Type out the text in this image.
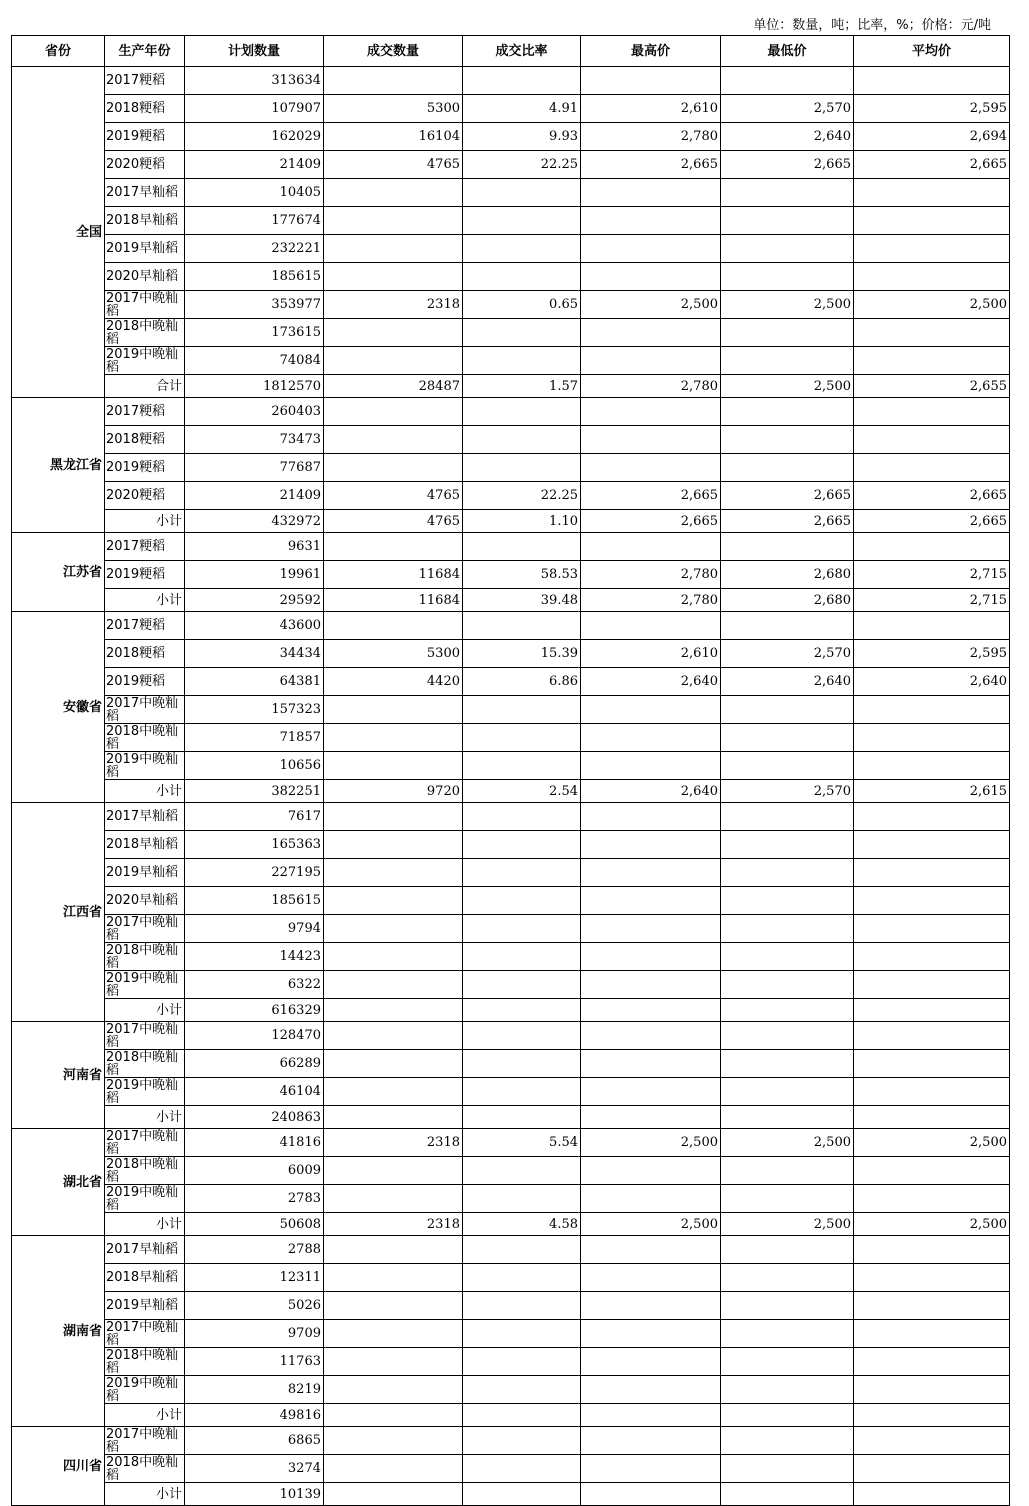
单位：数量，吨；比率，%；价格：元/吨
省份	生产年份	计划数量	成交数量	成交比率	最高价	最低价	平均价
全国	2017粳稻	313634					
	2018粳稻	107907	5300	4.91	2,610	2,570	2,595
	2019粳稻	162029	16104	9.93	2,780	2,640	2,694
	2020粳稻	21409	4765	22.25	2,665	2,665	2,665
	2017早籼稻	10405					
	2018早籼稻	177674					
	2019早籼稻	232221					
	2020早籼稻	185615					
	2017中晚籼稻	353977	2318	0.65	2,500	2,500	2,500
	2018中晚籼稻	173615					
	2019中晚籼稻	74084					
	合计	1812570	28487	1.57	2,780	2,500	2,655
黑龙江省	2017粳稻	260403					
	2018粳稻	73473					
	2019粳稻	77687					
	2020粳稻	21409	4765	22.25	2,665	2,665	2,665
	小计	432972	4765	1.10	2,665	2,665	2,665
江苏省	2017粳稻	9631					
	2019粳稻	19961	11684	58.53	2,780	2,680	2,715
	小计	29592	11684	39.48	2,780	2,680	2,715
安徽省	2017粳稻	43600					
	2018粳稻	34434	5300	15.39	2,610	2,570	2,595
	2019粳稻	64381	4420	6.86	2,640	2,640	2,640
	2017中晚籼稻	157323					
	2018中晚籼稻	71857					
	2019中晚籼稻	10656					
	小计	382251	9720	2.54	2,640	2,570	2,615
江西省	2017早籼稻	7617					
	2018早籼稻	165363					
	2019早籼稻	227195					
	2020早籼稻	185615					
	2017中晚籼稻	9794					
	2018中晚籼稻	14423					
	2019中晚籼稻	6322					
	小计	616329					
河南省	2017中晚籼稻	128470					
	2018中晚籼稻	66289					
	2019中晚籼稻	46104					
	小计	240863					
湖北省	2017中晚籼稻	41816	2318	5.54	2,500	2,500	2,500
	2018中晚籼稻	6009					
	2019中晚籼稻	2783					
	小计	50608	2318	4.58	2,500	2,500	2,500
湖南省	2017早籼稻	2788					
	2018早籼稻	12311					
	2019早籼稻	5026					
	2017中晚籼稻	9709					
	2018中晚籼稻	11763					
	2019中晚籼稻	8219					
	小计	49816					
四川省	2017中晚籼稻	6865					
	2018中晚籼稻	3274					
	小计	10139					
